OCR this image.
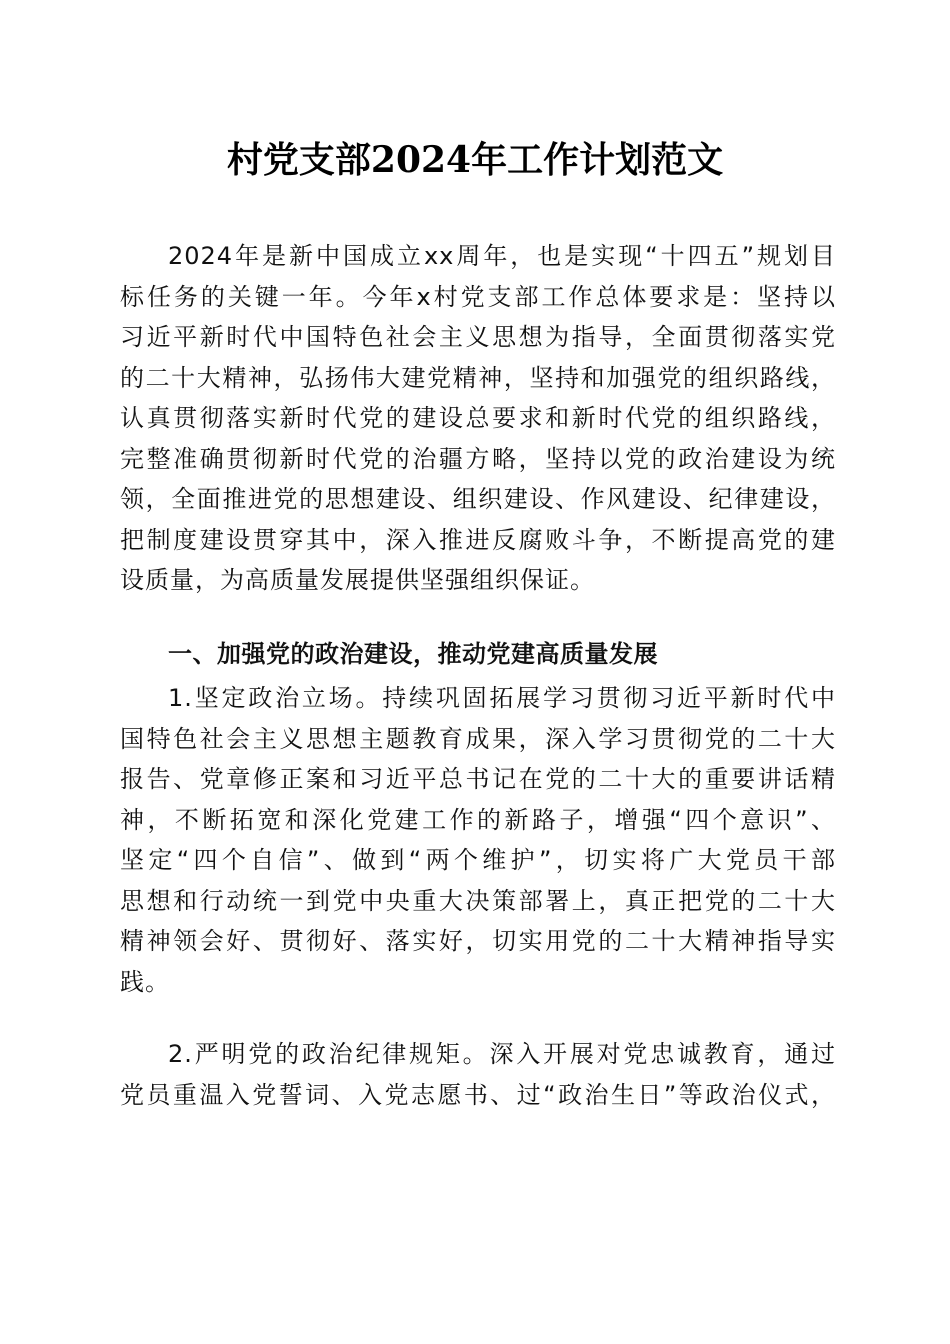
村党支部2024年工作计划范文
2024年是新中国成立xx周年，也是实现“十四五”规划目
标任务的关键一年。今年x村党支部工作总体要求是：坚持以
习近平新时代中国特色社会主义思想为指导，全面贯彻落实党
的二十大精神，弘扬伟大建党精神，坚持和加强党的组织路线，
认真贯彻落实新时代党的建设总要求和新时代党的组织路线，
完整准确贯彻新时代党的治疆方略，坚持以党的政治建设为统
领，全面推进党的思想建设、组织建设、作风建设、纪律建设，
把制度建设贯穿其中，深入推进反腐败斗争，不断提高党的建
设质量，为高质量发展提供坚强组织保证。
一、加强党的政治建设，推动党建高质量发展
1.坚定政治立场。持续巩固拓展学习贯彻习近平新时代中
国特色社会主义思想主题教育成果，深入学习贯彻党的二十大
报告、党章修正案和习近平总书记在党的二十大的重要讲话精
神，不断拓宽和深化党建工作的新路子，增强“四个意识”、
坚定“四个自信”、做到“两个维护”，切实将广大党员干部
思想和行动统一到党中央重大决策部署上，真正把党的二十大
精神领会好、贯彻好、落实好，切实用党的二十大精神指导实
践。
2.严明党的政治纪律规矩。深入开展对党忠诚教育，通过
党员重温入党誓词、入党志愿书、过“政治生日”等政治仪式，
